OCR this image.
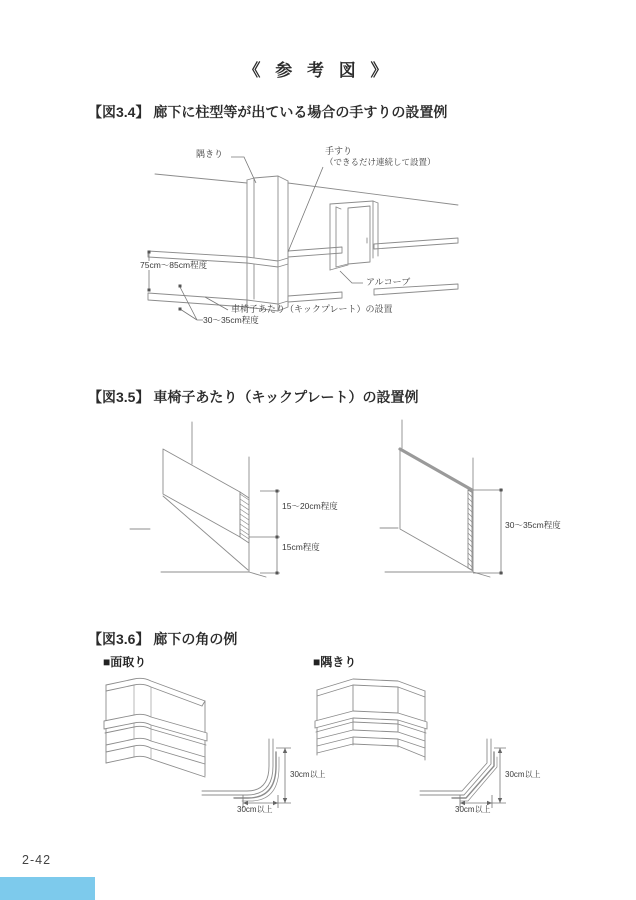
《 参 考 図 》
【図3.4】 廊下に柱型等が出ている場合の手すりの設置例
隅きり	手すり
（できるだけ連続して設置）
アルコーブ
車椅子あたり（キックプレート）の設置
75cm～85cm程度
30～35cm程度
【図3.5】 車椅子あたり（キックプレート）の設置例
15～20cm程度
15cm程度
30～35cm程度
【図3.6】 廊下の角の例
■面取り	■隅きり
30cm以上
30cm以上
30cm以上
30cm以上
2-42
